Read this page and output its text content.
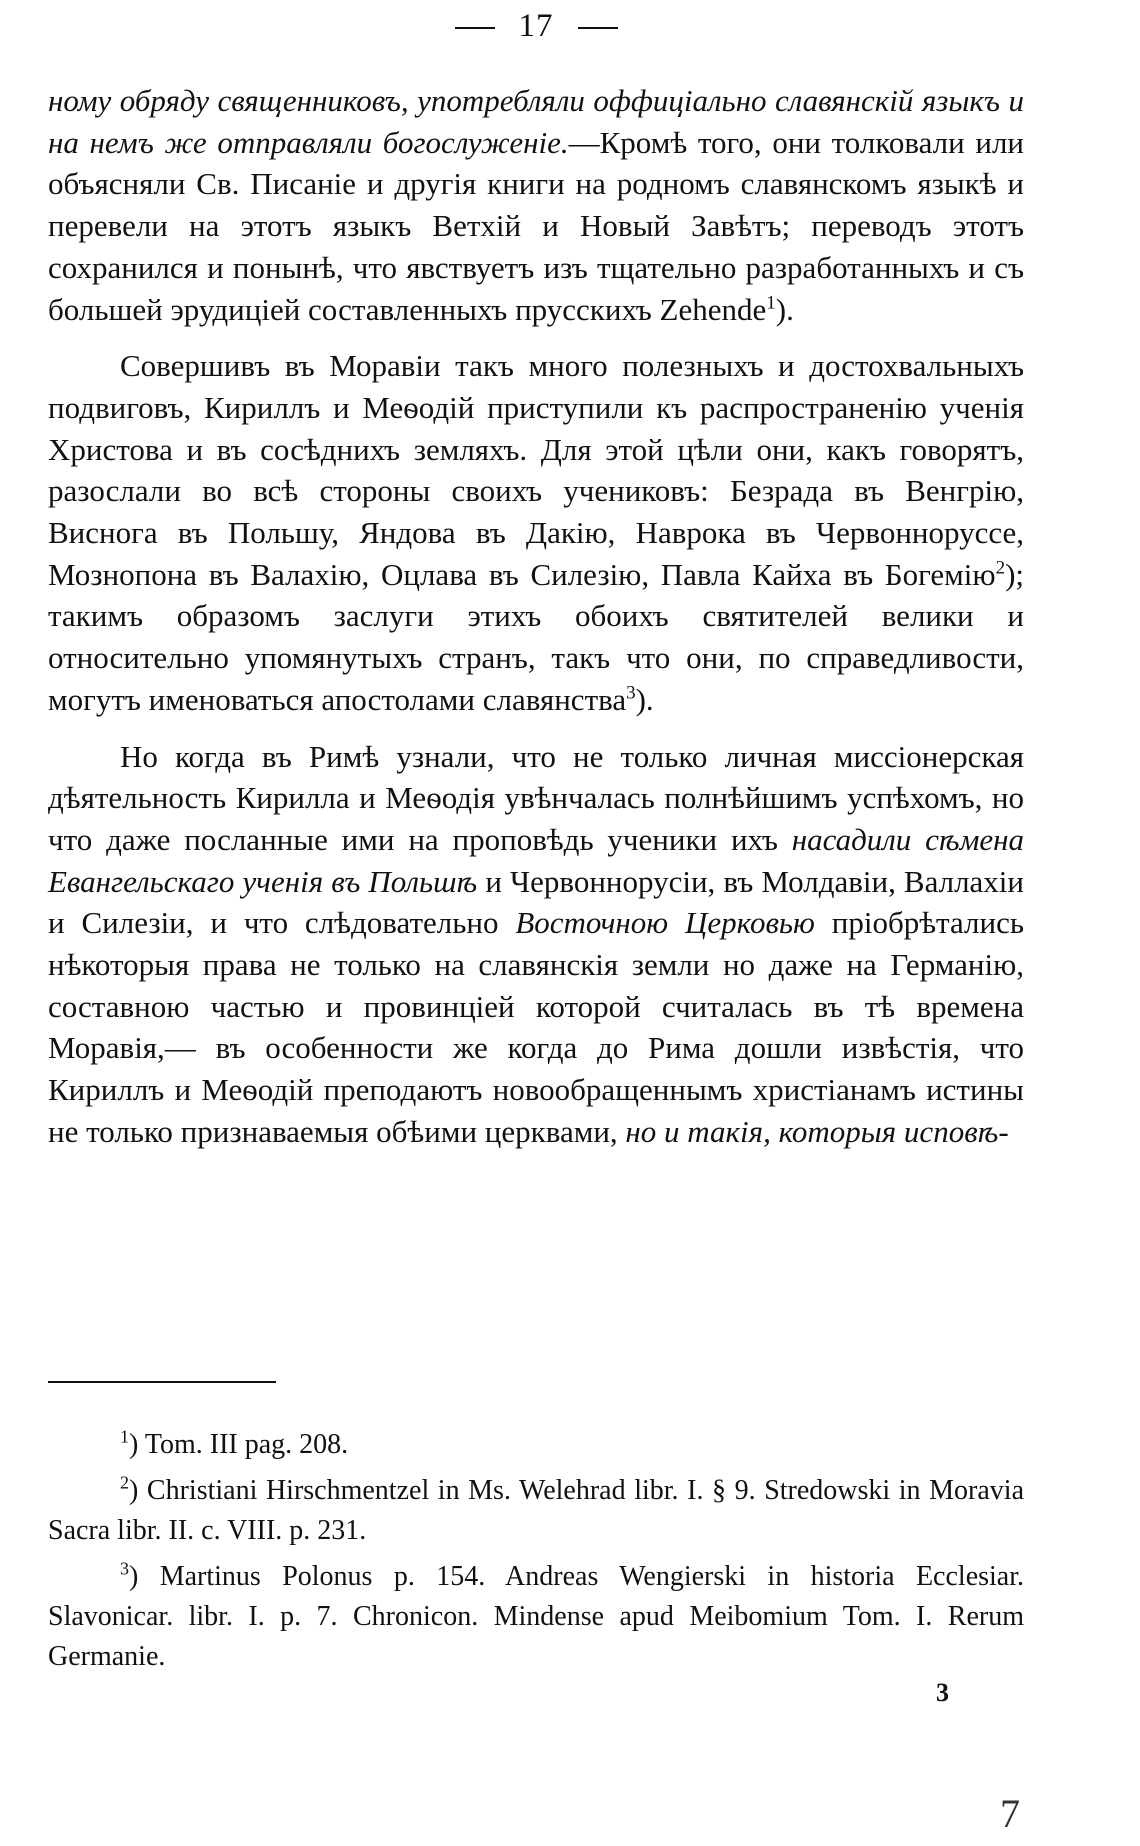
17

ному обряду священниковъ, употребляли оффиціально славянскій языкъ и на немъ же отправляли богослуженіе.—Кромѣ того, они толковали или объясняли Св. Писаніе и другія книги на родномъ славянскомъ языкѣ и перевели на этотъ языкъ Ветхій и Новый Завѣтъ; переводъ этотъ сохранился и понынѣ, что явствуетъ изъ тщательно разработанныхъ и съ большей эрудиціей составленныхъ прусскихъ Zehende$^1$).

Совершивъ въ Моравіи такъ много полезныхъ и достохвальныхъ подвиговъ, Кириллъ и Меѳодій приступили къ распространенію ученія Христова и въ сосѣднихъ земляхъ. Для этой цѣли они, какъ говорятъ, разослали во всѣ стороны своихъ учениковъ: Безрада въ Венгрію, Виснога въ Польшу, Яндова въ Дакію, Наврока въ Червонноруссе, Мознопона въ Валахію, Оцлава въ Силезію, Павла Кайха въ Богемію$^2$); такимъ образомъ заслуги этихъ обоихъ святителей велики и относительно упомянутыхъ странъ, такъ что они, по справедливости, могутъ именоваться апостолами славянства$^3$).

Но когда въ Римѣ узнали, что не только личная миссіонерская дѣятельность Кирилла и Меѳодія увѣнчалась полнѣйшимъ успѣхомъ, но что даже посланные ими на проповѣдь ученики ихъ насадили сѣмена Евангельскаго ученія въ Польшѣ и Червоннорусіи, въ Молдавіи, Валлахіи и Силезіи, и что слѣдовательно Восточною Церковью пріобрѣтались нѣкоторыя права не только на славянскія земли но даже на Германію, составною частью и провинціей которой считалась въ тѣ времена Моравія,— въ особенности же когда до Рима дошли извѣстія, что Кириллъ и Меѳодій преподаютъ новообращеннымъ христіанамъ истины не только признаваемыя обѣими церквами, но и такія, которыя исповѣ-

$^1$) Tom. III pag. 208.

$^2$) Christiani Hirschmentzel in Ms. Welehrad libr. I. § 9. Stredowski in Moravia Sacra libr. II. c. VIII. p. 231.

$^3$) Martinus Polonus p. 154. Andreas Wengierski in historia Ecclesiar. Slavonicar. libr. I. p. 7. Chronicon. Mindense apud Meibomium Tom. I. Rerum Germanie.

3
7
